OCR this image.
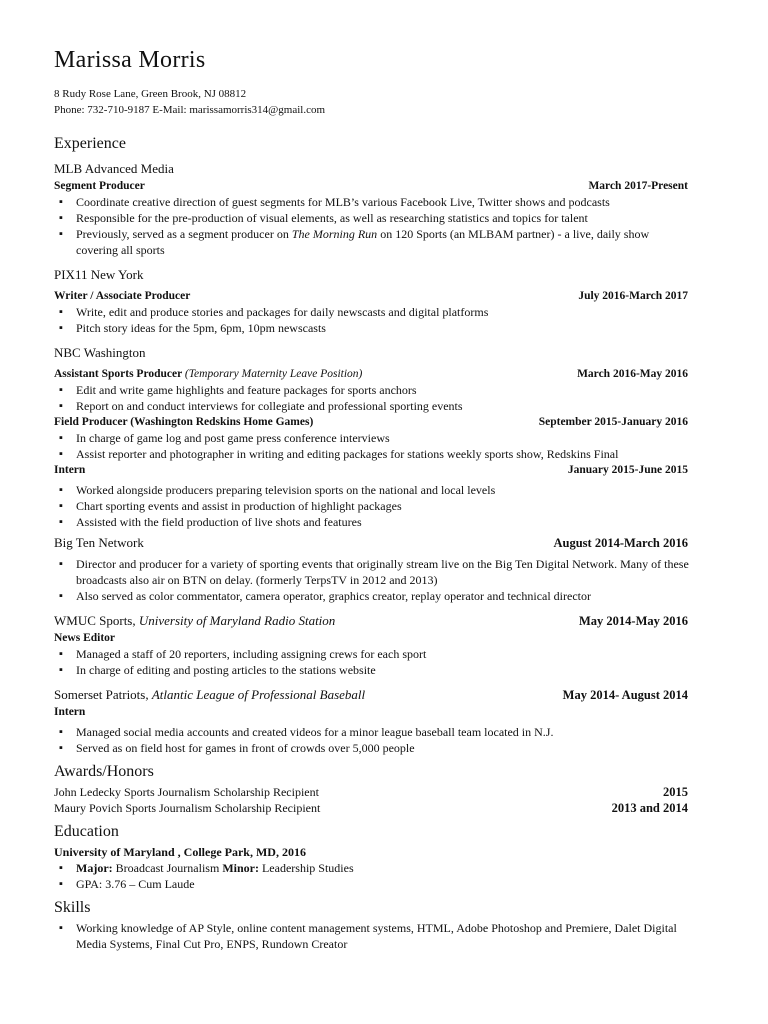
Marissa Morris
8 Rudy Rose Lane, Green Brook, NJ 08812
Phone: 732-710-9187 E-Mail: marissamorris314@gmail.com
Experience
MLB Advanced Media
Segment Producer	March 2017-Present
▪ Coordinate creative direction of guest segments for MLB’s various Facebook Live, Twitter shows and podcasts
▪ Responsible for the pre-production of visual elements, as well as researching statistics and topics for talent
▪ Previously, served as a segment producer on The Morning Run on 120 Sports (an MLBAM partner) - a live, daily show covering all sports
PIX11 New York
Writer / Associate Producer	July 2016-March 2017
▪ Write, edit and produce stories and packages for daily newscasts and digital platforms
▪ Pitch story ideas for the 5pm, 6pm, 10pm newscasts
NBC Washington
Assistant Sports Producer (Temporary Maternity Leave Position)	March 2016-May 2016
▪ Edit and write game highlights and feature packages for sports anchors
▪ Report on and conduct interviews for collegiate and professional sporting events
Field Producer (Washington Redskins Home Games)	September 2015-January 2016
▪ In charge of game log and post game press conference interviews
▪ Assist reporter and photographer in writing and editing packages for stations weekly sports show, Redskins Final
Intern	January 2015-June 2015
▪ Worked alongside producers preparing television sports on the national and local levels
▪ Chart sporting events and assist in production of highlight packages
▪ Assisted with the field production of live shots and features
Big Ten Network	August 2014-March 2016
▪ Director and producer for a variety of sporting events that originally stream live on the Big Ten Digital Network. Many of these broadcasts also air on BTN on delay. (formerly TerpsTV in 2012 and 2013)
▪ Also served as color commentator, camera operator, graphics creator, replay operator and technical director
WMUC Sports, University of Maryland Radio Station	May 2014-May 2016
News Editor
▪ Managed a staff of 20 reporters, including assigning crews for each sport
▪ In charge of editing and posting articles to the stations website
Somerset Patriots, Atlantic League of Professional Baseball	May 2014- August 2014
Intern
▪ Managed social media accounts and created videos for a minor league baseball team located in N.J.
▪ Served as on field host for games in front of crowds over 5,000 people
Awards/Honors
John Ledecky Sports Journalism Scholarship Recipient	2015
Maury Povich Sports Journalism Scholarship Recipient	2013 and 2014
Education
University of Maryland , College Park, MD, 2016
▪ Major: Broadcast Journalism Minor: Leadership Studies
▪ GPA: 3.76 – Cum Laude
Skills
▪ Working knowledge of AP Style, online content management systems, HTML, Adobe Photoshop and Premiere, Dalet Digital Media Systems, Final Cut Pro, ENPS, Rundown Creator
